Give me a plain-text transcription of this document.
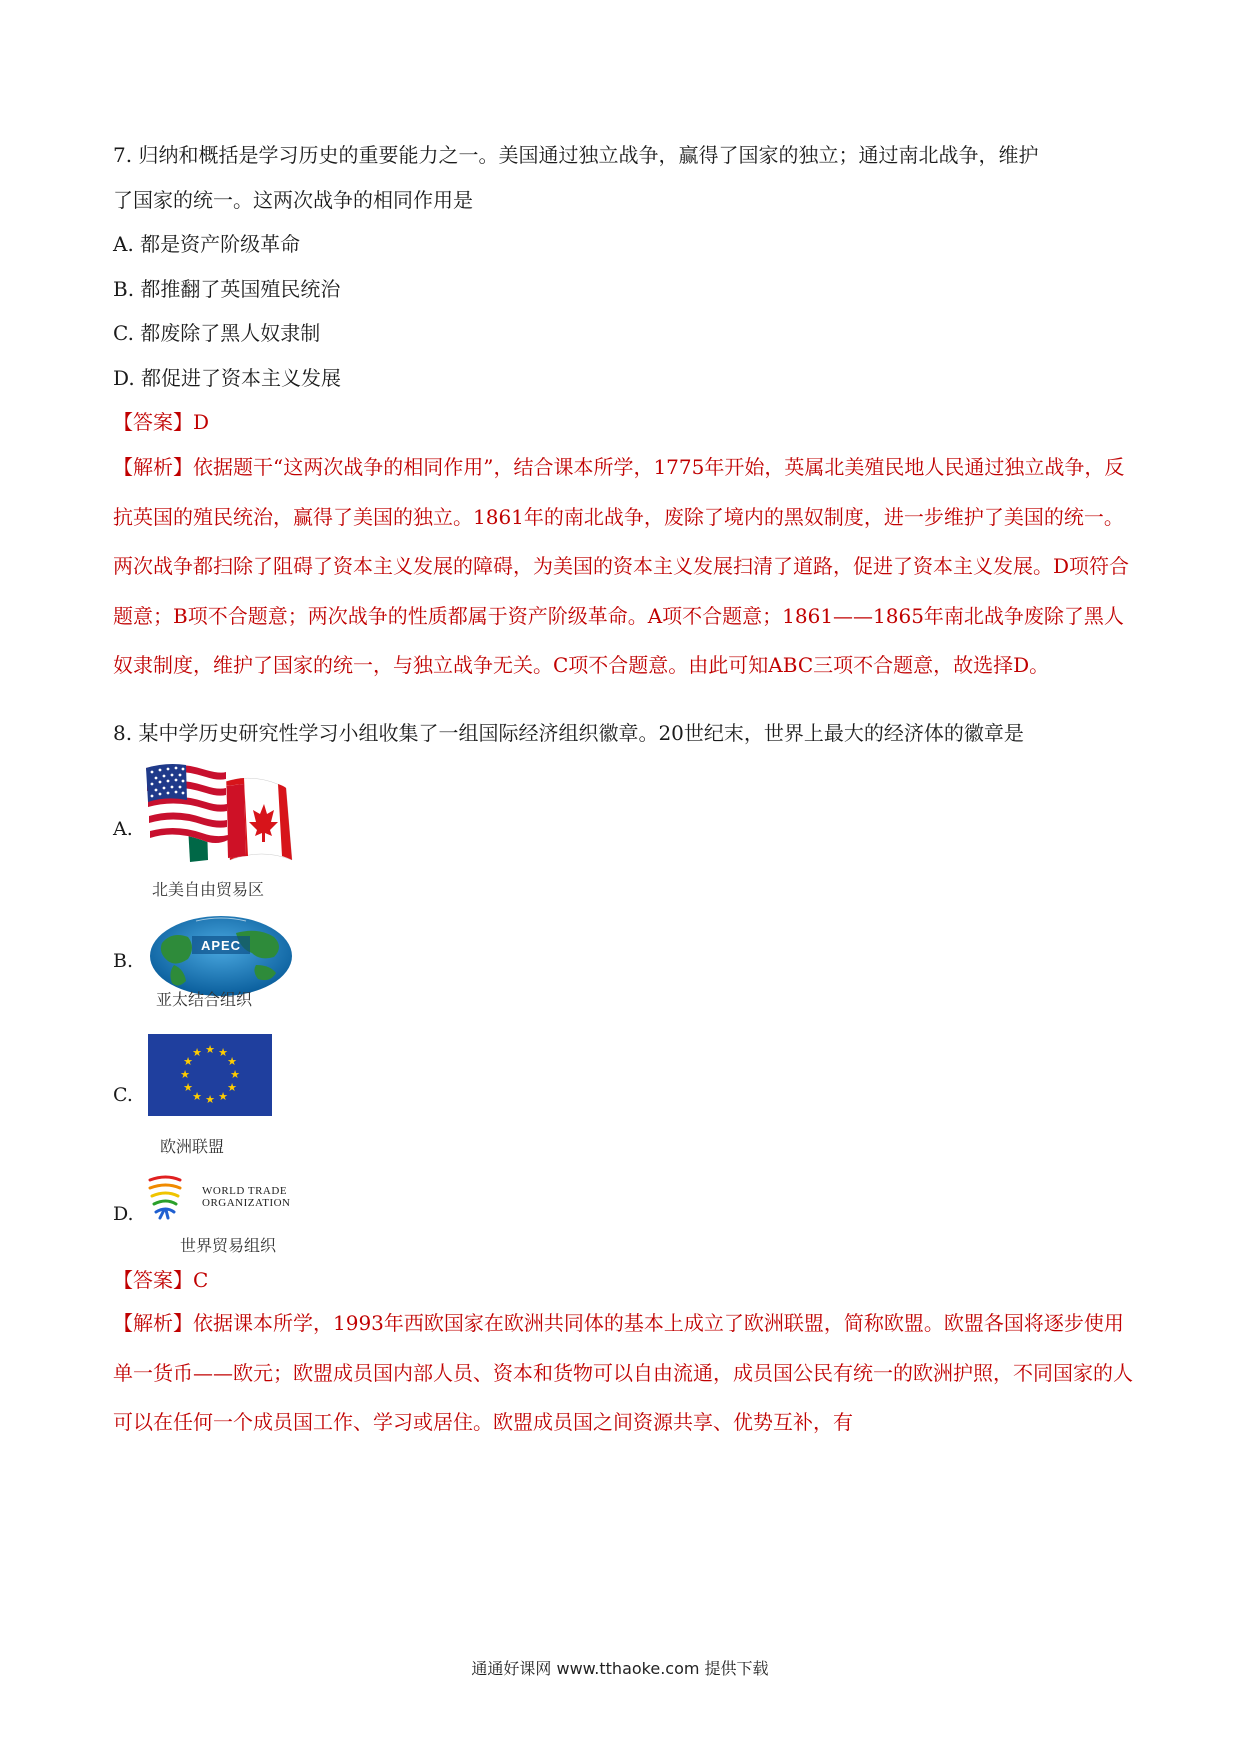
7. 归纳和概括是学习历史的重要能力之一。美国通过独立战争，赢得了国家的独立；通过南北战争，维护
了国家的统一。这两次战争的相同作用是
A. 都是资产阶级革命
B. 都推翻了英国殖民统治
C. 都废除了黑人奴隶制
D. 都促进了资本主义发展
【答案】D
【解析】依据题干“这两次战争的相同作用”，结合课本所学，1775年开始，英属北美殖民地人民通过独立战争，反抗英国的殖民统治，赢得了美国的独立。1861年的南北战争，废除了境内的黑奴制度，进一步维护了美国的统一。两次战争都扫除了阻碍了资本主义发展的障碍，为美国的资本主义发展扫清了道路，促进了资本主义发展。D项符合题意；B项不合题意；两次战争的性质都属于资产阶级革命。A项不合题意；1861——1865年南北战争废除了黑人奴隶制度，维护了国家的统一，与独立战争无关。C项不合题意。由此可知ABC三项不合题意，故选择D。
8. 某中学历史研究性学习小组收集了一组国际经济组织徽章。20世纪末，世界上最大的经济体的徽章是
A.
北美自由贸易区
B.
APEC
亚太结合组织
C.
★ ★
★
★
★
★
★
★
★
★
★
★
欧洲联盟
D.
WORLD TRADE
ORGANIZATION
世界贸易组织
【答案】C
【解析】依据课本所学，1993年西欧国家在欧洲共同体的基本上成立了欧洲联盟，简称欧盟。欧盟各国将逐步使用单一货币——欧元；欧盟成员国内部人员、资本和货物可以自由流通，成员国公民有统一的欧洲护照，不同国家的人可以在任何一个成员国工作、学习或居住。欧盟成员国之间资源共享、优势互补，有
通通好课网 www.tthaoke.com 提供下载
